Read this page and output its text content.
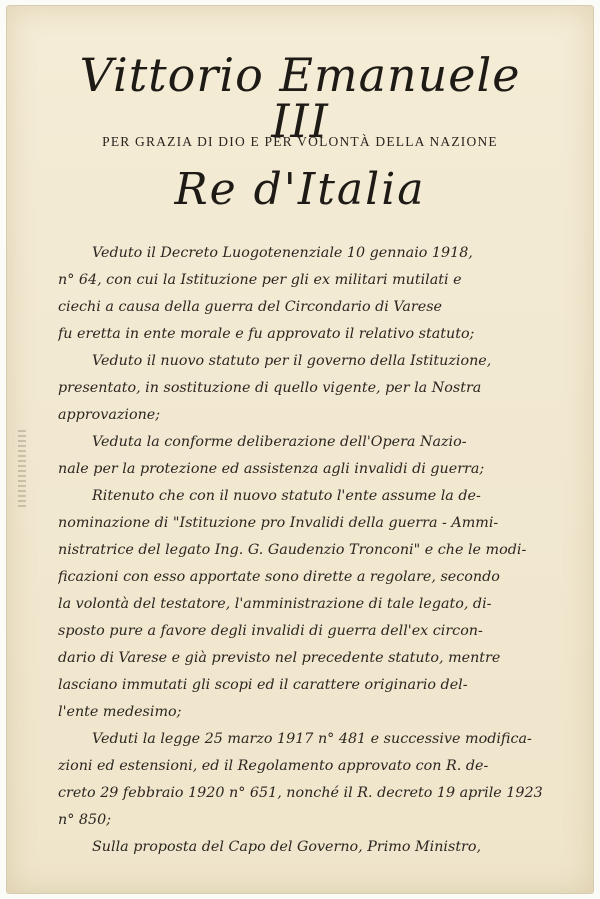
Vittorio Emanuele III
PER GRAZIA DI DIO E PER VOLONTÀ DELLA NAZIONE
Re d'Italia
Veduto il Decreto Luogotenenziale 10 gennaio 1918,
n° 64, con cui la Istituzione per gli ex militari mutilati e
ciechi a causa della guerra del Circondario di Varese
fu eretta in ente morale e fu approvato il relativo statuto;
Veduto il nuovo statuto per il governo della Istituzione,
presentato, in sostituzione di quello vigente, per la Nostra
approvazione;
Veduta la conforme deliberazione dell'Opera Nazio-
nale per la protezione ed assistenza agli invalidi di guerra;
Ritenuto che con il nuovo statuto l'ente assume la de-
nominazione di "Istituzione pro Invalidi della guerra - Ammi-
nistratrice del legato Ing. G. Gaudenzio Tronconi" e che le modi-
ficazioni con esso apportate sono dirette a regolare, secondo
la volontà del testatore, l'amministrazione di tale legato, di-
sposto pure a favore degli invalidi di guerra dell'ex circon-
dario di Varese e già previsto nel precedente statuto, mentre
lasciano immutati gli scopi ed il carattere originario del-
l'ente medesimo;
Veduti la legge 25 marzo 1917 n° 481 e successive modifica-
zioni ed estensioni, ed il Regolamento approvato con R. de-
creto 29 febbraio 1920 n° 651, nonché il R. decreto 19 aprile 1923
n° 850;
Sulla proposta del Capo del Governo, Primo Ministro,
